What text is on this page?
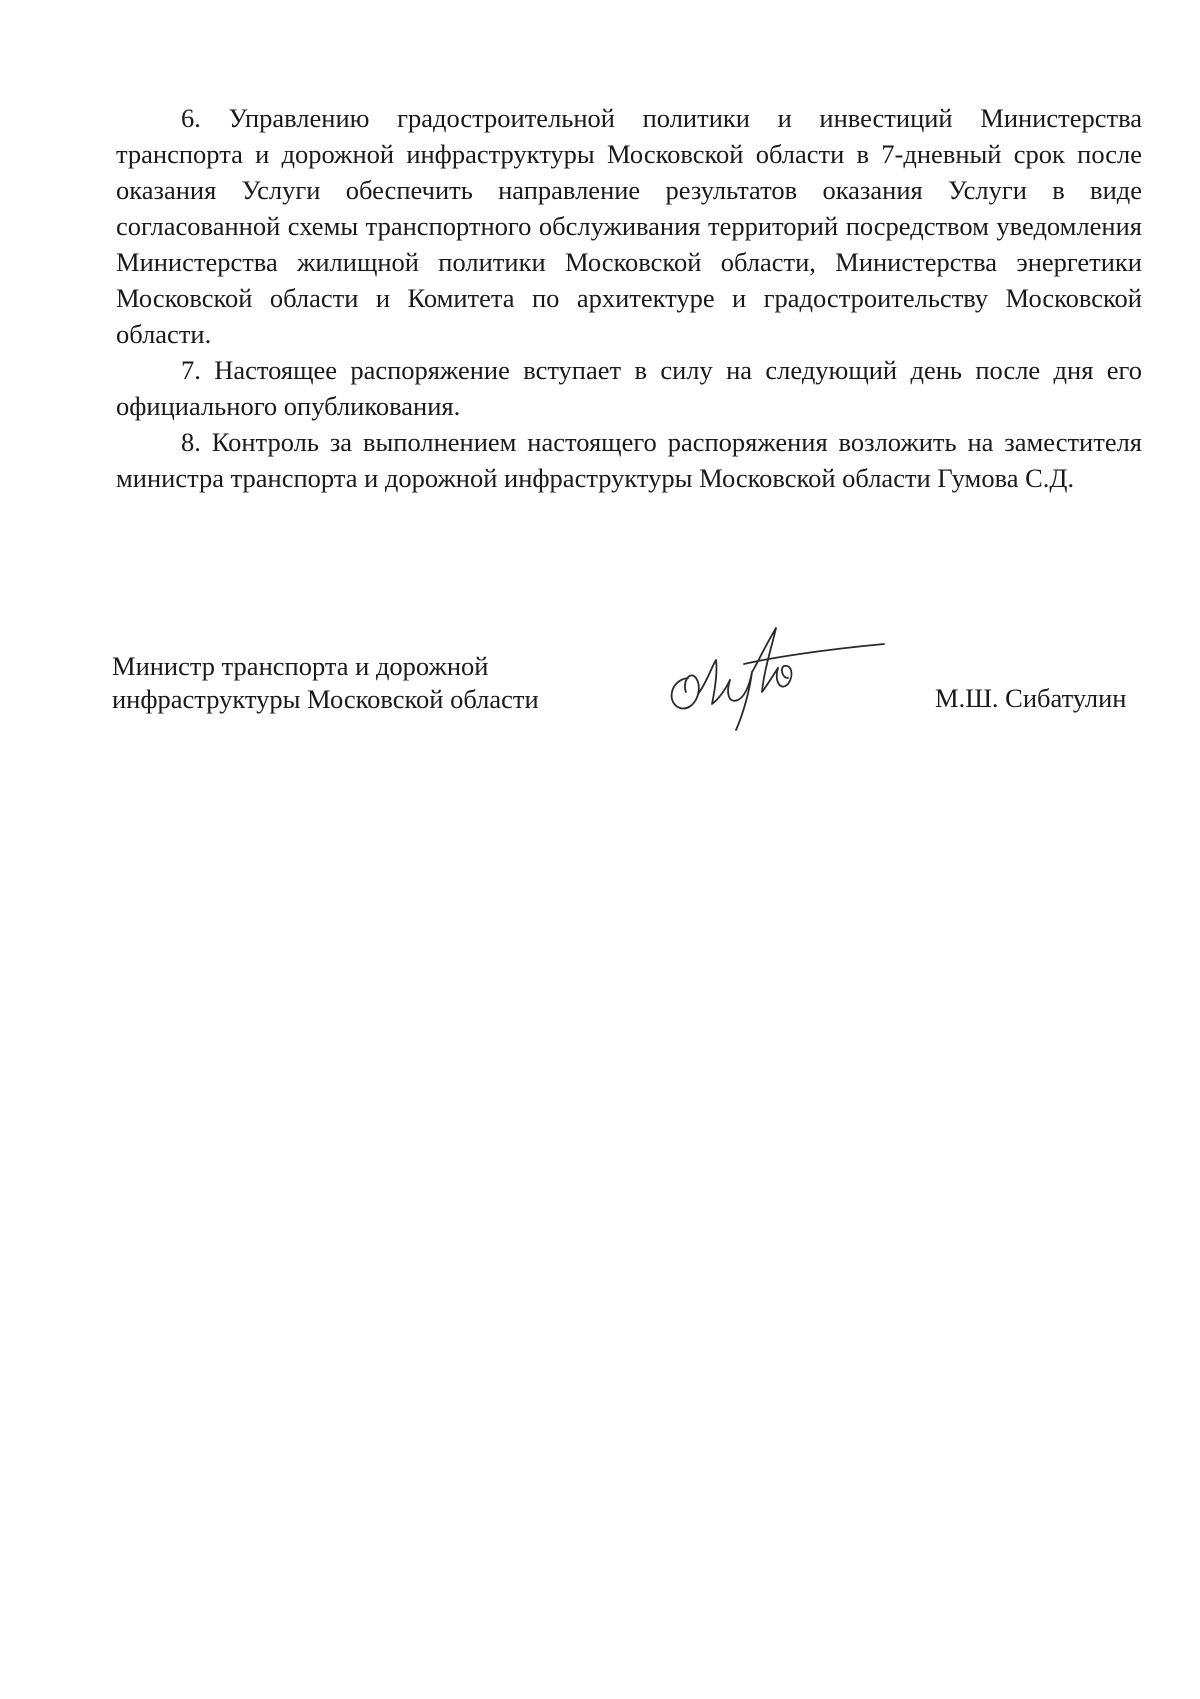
6. Управлению градостроительной политики и инвестиций Министерства транспорта и дорожной инфраструктуры Московской области в 7-дневный срок после оказания Услуги обеспечить направление результатов оказания Услуги в виде согласованной схемы транспортного обслуживания территорий посредством уведомления Министерства жилищной политики Московской области, Министерства энергетики Московской области и Комитета по архитектуре и градостроительству Московской области.

7. Настоящее распоряжение вступает в силу на следующий день после дня его официального опубликования.

8. Контроль за выполнением настоящего распоряжения возложить на заместителя министра транспорта и дорожной инфраструктуры Московской области Гумова С.Д.

Министр транспорта и дорожной
инфраструктуры Московской области	М.Ш. Сибатулин
